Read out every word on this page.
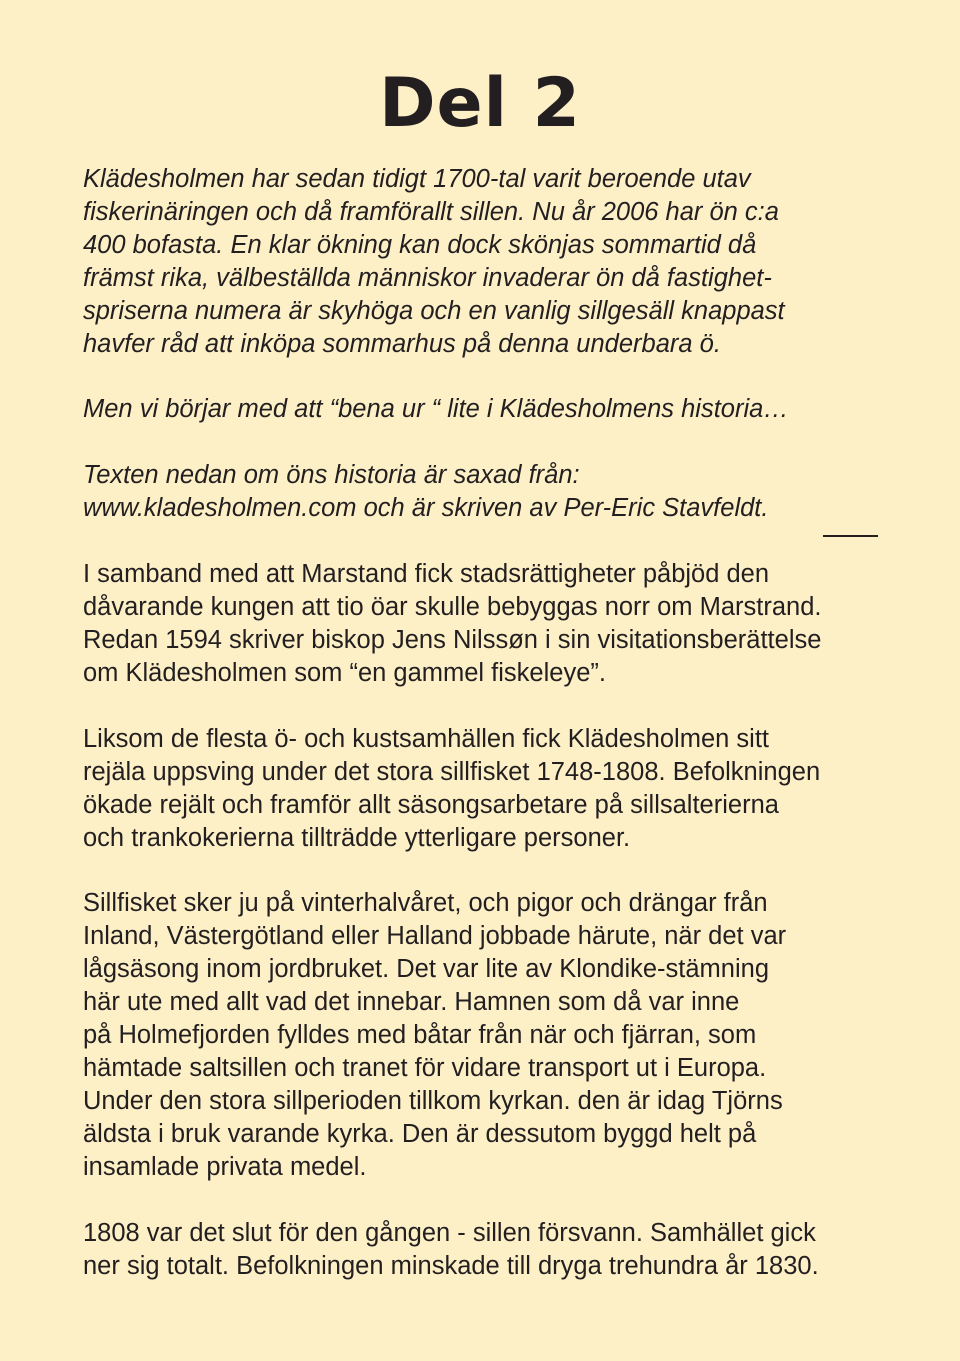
Del 2

Klädesholmen har sedan tidigt 1700-tal varit beroende utav
fiskerinäringen och då framförallt sillen. Nu år 2006 har ön c:a
400 bofasta. En klar ökning kan dock skönjas sommartid då
främst rika, välbeställda människor invaderar ön då fastighet-
spriserna numera är skyhöga och en vanlig sillgesäll knappast
havfer råd att inköpa sommarhus på denna underbara ö.

Men vi börjar med att “bena ur “ lite i Klädesholmens historia…

Texten nedan om öns historia är saxad från:
www.kladesholmen.com och är skriven av Per-Eric Stavfeldt.

I samband med att Marstand fick stadsrättigheter påbjöd den
dåvarande kungen att tio öar skulle bebyggas norr om Marstrand.
Redan 1594 skriver biskop Jens Nilssøn i sin visitationsberättelse
om Klädesholmen som “en gammel fiskeleye”.

Liksom de flesta ö- och kustsamhällen fick Klädesholmen sitt
rejäla uppsving under det stora sillfisket 1748-1808. Befolkningen
ökade rejält och framför allt säsongsarbetare på sillsalterierna
och trankokerierna tillträdde ytterligare personer.

Sillfisket sker ju på vinterhalvåret, och pigor och drängar från
Inland, Västergötland eller Halland jobbade härute, när det var
lågsäsong inom jordbruket. Det var lite av Klondike-stämning
här ute med allt vad det innebar. Hamnen som då var inne
på Holmefjorden fylldes med båtar från när och fjärran, som
hämtade saltsillen och tranet för vidare transport ut i Europa.
Under den stora sillperioden tillkom kyrkan. den är idag Tjörns
äldsta i bruk varande kyrka. Den är dessutom byggd helt på
insamlade privata medel.

1808 var det slut för den gången - sillen försvann. Samhället gick
ner sig totalt. Befolkningen minskade till dryga trehundra år 1830.
